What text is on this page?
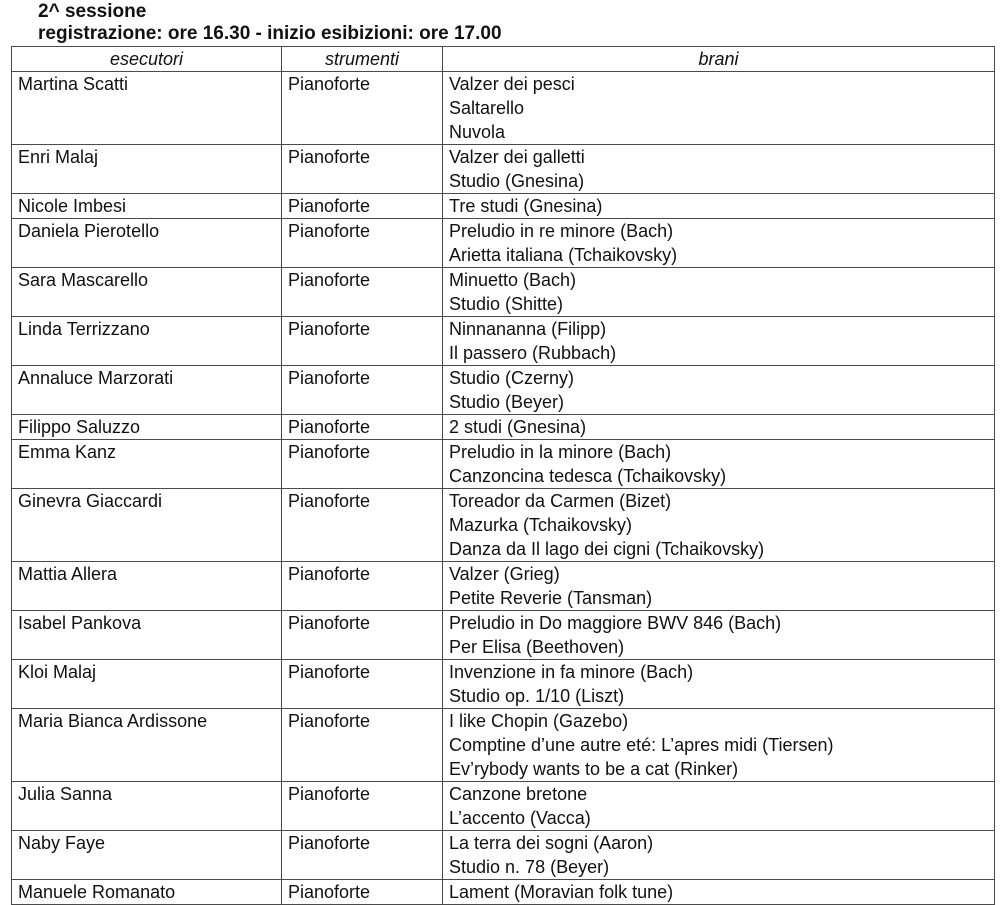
2^ sessione

registrazione: ore 16.30 - inizio esibizioni: ore 17.00

esecutori	strumenti	brani
Martina Scatti	Pianoforte	Valzer dei pesci
Saltarello
Nuvola

Enri Malaj	Pianoforte	Valzer dei galletti
Studio (Gnesina)

Nicole Imbesi	Pianoforte	Tre studi (Gnesina)

Daniela Pierotello	Pianoforte	Preludio in re minore (Bach)
Arietta italiana (Tchaikovsky)

Sara Mascarello	Pianoforte	Minuetto (Bach)
Studio (Shitte)

Linda Terrizzano	Pianoforte	Ninnananna (Filipp)
Il passero (Rubbach)

Annaluce Marzorati	Pianoforte	Studio (Czerny)
Studio (Beyer)

Filippo Saluzzo	Pianoforte	2 studi (Gnesina)

Emma Kanz	Pianoforte	Preludio in la minore (Bach)
Canzoncina tedesca (Tchaikovsky)

Ginevra Giaccardi	Pianoforte	Toreador da Carmen (Bizet)
Mazurka (Tchaikovsky)
Danza da Il lago dei cigni (Tchaikovsky)

Mattia Allera	Pianoforte	Valzer (Grieg)
Petite Reverie (Tansman)

Isabel Pankova	Pianoforte	Preludio in Do maggiore BWV 846 (Bach)
Per Elisa (Beethoven)

Kloi Malaj	Pianoforte	Invenzione in fa minore (Bach)
Studio op. 1/10 (Liszt)

Maria Bianca Ardissone	Pianoforte	I like Chopin (Gazebo)
Comptine d’une autre eté: L’apres midi (Tiersen)
Ev’rybody wants to be a cat (Rinker)

Julia Sanna	Pianoforte	Canzone bretone
L’accento (Vacca)

Naby Faye	Pianoforte	La terra dei sogni (Aaron)
Studio n. 78 (Beyer)

Manuele Romanato	Pianoforte	Lament (Moravian folk tune)
